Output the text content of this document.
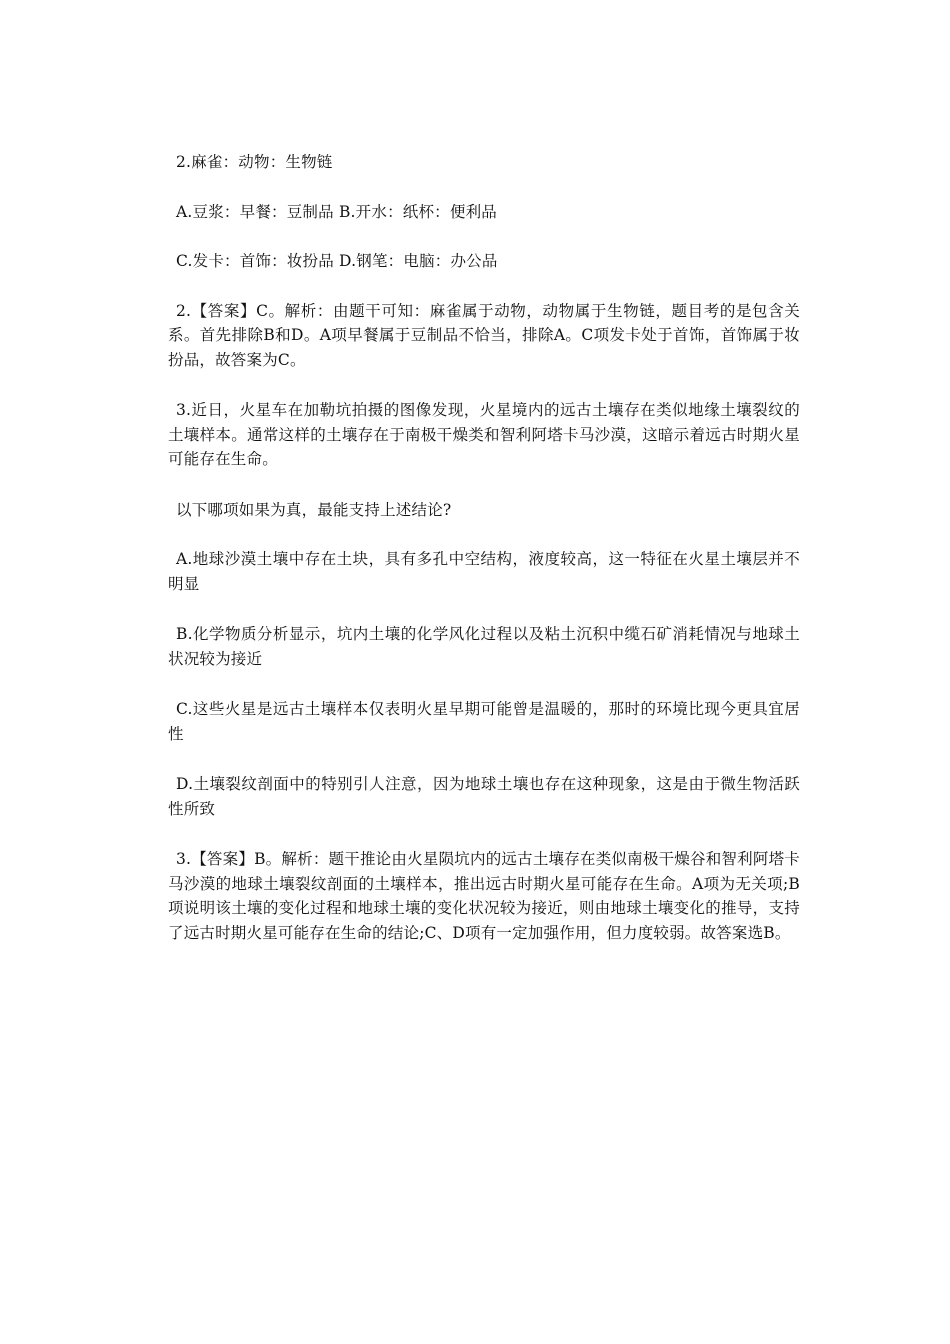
2.麻雀：动物：生物链

A.豆浆：早餐：豆制品 B.开水：纸杯：便利品

C.发卡：首饰：妆扮品 D.钢笔：电脑：办公品

2.【答案】C。解析：由题干可知：麻雀属于动物，动物属于生物链，题目考的是包含关系。首先排除B和D。A项早餐属于豆制品不恰当，排除A。C项发卡处于首饰，首饰属于妆扮品，故答案为C。

3.近日，火星车在加勒坑拍摄的图像发现，火星境内的远古土壤存在类似地缘土壤裂纹的土壤样本。通常这样的土壤存在于南极干燥类和智利阿塔卡马沙漠，这暗示着远古时期火星可能存在生命。

以下哪项如果为真，最能支持上述结论?

A.地球沙漠土壤中存在土块，具有多孔中空结构，液度较高，这一特征在火星土壤层并不明显

B.化学物质分析显示，坑内土壤的化学风化过程以及粘土沉积中缆石矿消耗情况与地球土状况较为接近

C.这些火星是远古土壤样本仅表明火星早期可能曾是温暖的，那时的环境比现今更具宜居性

D.土壤裂纹剖面中的特别引人注意，因为地球土壤也存在这种现象，这是由于微生物活跃性所致

3.【答案】B。解析：题干推论由火星陨坑内的远古土壤存在类似南极干燥谷和智利阿塔卡马沙漠的地球土壤裂纹剖面的土壤样本，推出远古时期火星可能存在生命。A项为无关项;B项说明该土壤的变化过程和地球土壤的变化状况较为接近，则由地球土壤变化的推导，支持了远古时期火星可能存在生命的结论;C、D项有一定加强作用，但力度较弱。故答案选B。
